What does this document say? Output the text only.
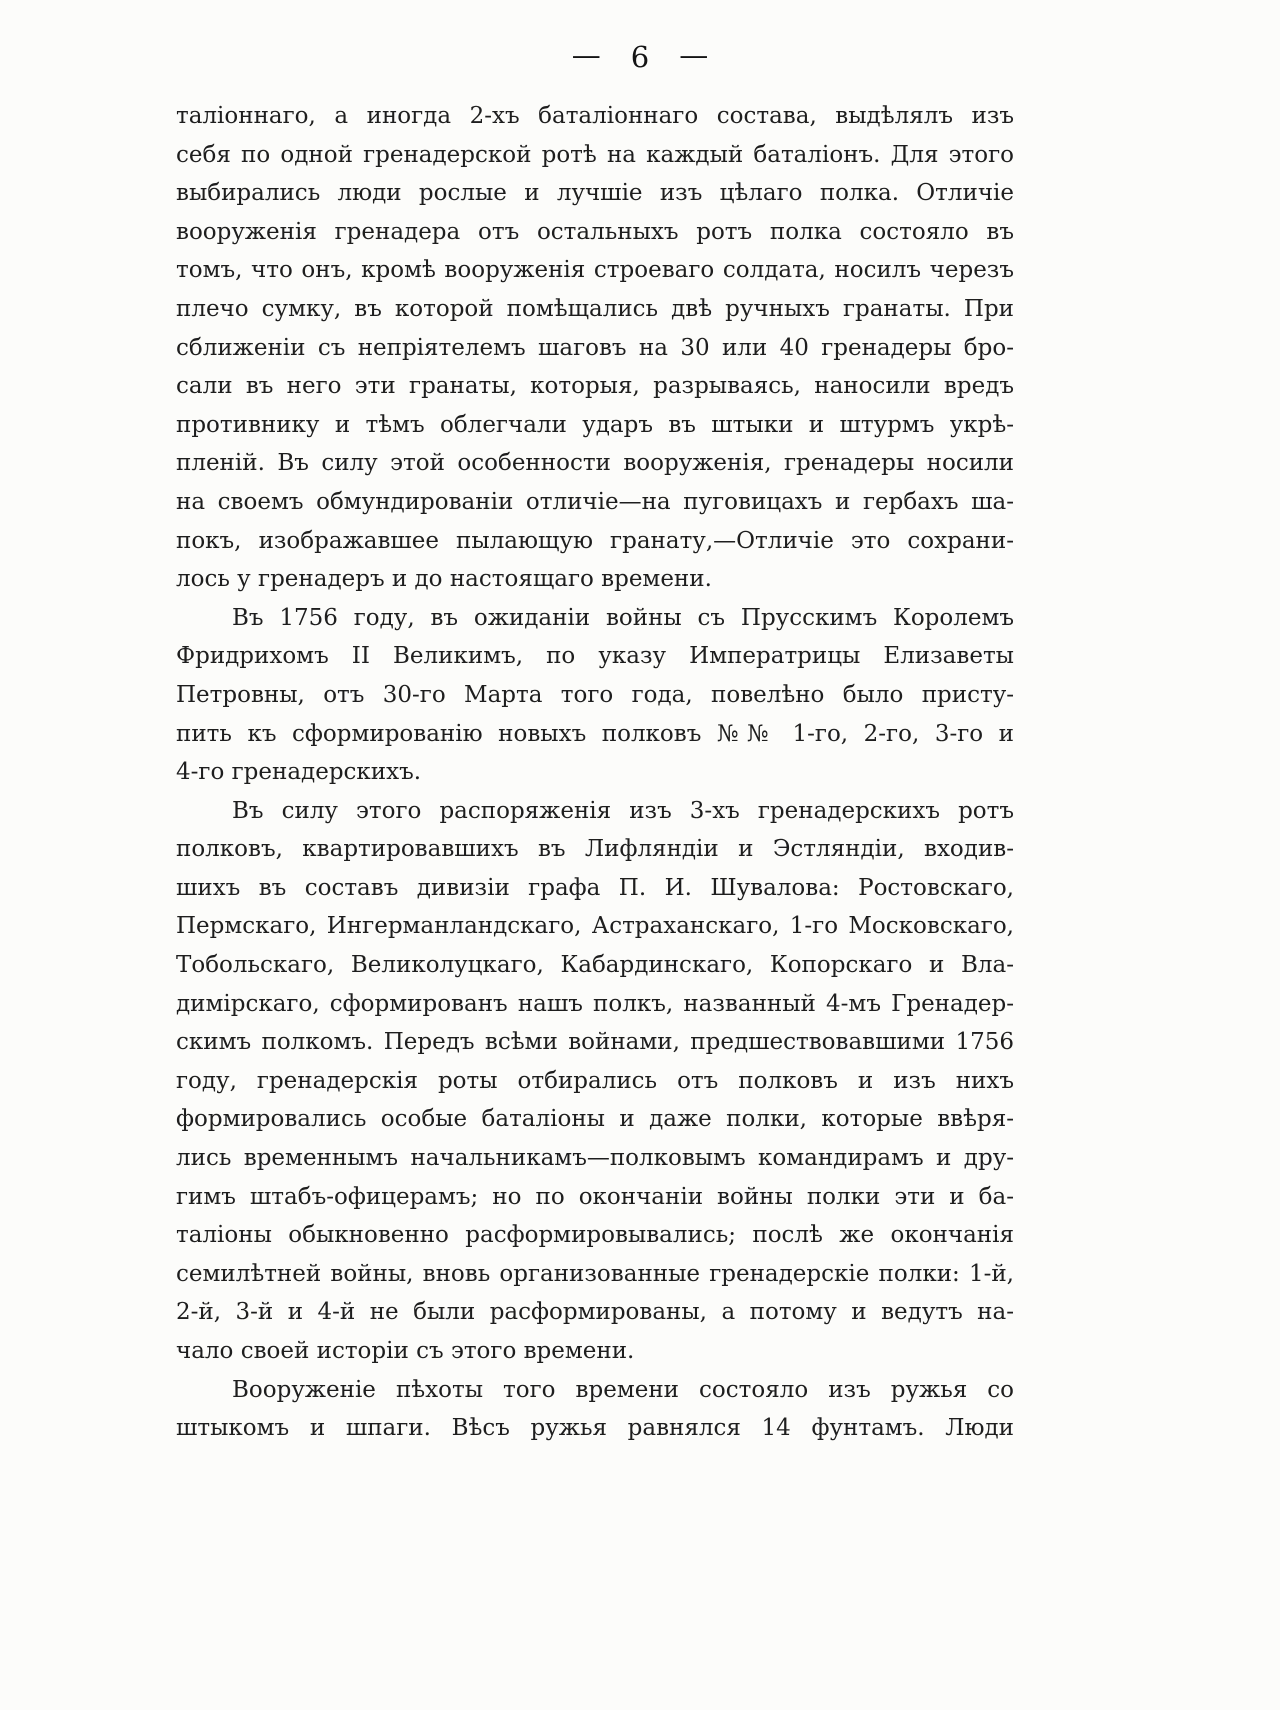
— 6 —
таліоннаго, а иногда 2-хъ баталіоннаго состава, выдѣлялъ изъ
себя по одной гренадерской ротѣ на каждый баталіонъ. Для этого
выбирались люди рослые и лучшіе изъ цѣлаго полка. Отличіе
вооруженія гренадера отъ остальныхъ ротъ полка состояло въ
томъ, что онъ, кромѣ вооруженія строеваго солдата, носилъ черезъ
плечо сумку, въ которой помѣщались двѣ ручныхъ гранаты. При
сближеніи съ непріятелемъ шаговъ на 30 или 40 гренадеры бро-
сали въ него эти гранаты, которыя, разрываясь, наносили вредъ
противнику и тѣмъ облегчали ударъ въ штыки и штурмъ укрѣ-
пленій. Въ силу этой особенности вооруженія, гренадеры носили
на своемъ обмундированіи отличіе—на пуговицахъ и гербахъ ша-
покъ, изображавшее пылающую гранату,—Отличіе это сохрани-
лось у гренадеръ и до настоящаго времени.
Въ 1756 году, въ ожиданіи войны съ Прусскимъ Королемъ
Фридрихомъ II Великимъ, по указу Императрицы Елизаветы
Петровны, отъ 30-го Марта того года, повелѣно было присту-
пить къ сформированію новыхъ полковъ №№ 1-го, 2-го, 3-го и
4-го гренадерскихъ.
Въ силу этого распоряженія изъ 3-хъ гренадерскихъ ротъ
полковъ, квартировавшихъ въ Лифляндіи и Эстляндіи, входив-
шихъ въ составъ дивизіи графа П. И. Шувалова: Ростовскаго,
Пермскаго, Ингерманландскаго, Астраханскаго, 1-го Московскаго,
Тобольскаго, Великолуцкаго, Кабардинскаго, Копорскаго и Вла-
димірскаго, сформированъ нашъ полкъ, названный 4-мъ Гренадер-
скимъ полкомъ. Передъ всѣми войнами, предшествовавшими 1756
году, гренадерскія роты отбирались отъ полковъ и изъ нихъ
формировались особые баталіоны и даже полки, которые ввѣря-
лись временнымъ начальникамъ—полковымъ командирамъ и дру-
гимъ штабъ-офицерамъ; но по окончаніи войны полки эти и ба-
таліоны обыкновенно расформировывались; послѣ же окончанія
семилѣтней войны, вновь организованные гренадерскіе полки: 1-й,
2-й, 3-й и 4-й не были расформированы, а потому и ведутъ на-
чало своей исторіи съ этого времени.
Вооруженіе пѣхоты того времени состояло изъ ружья со
штыкомъ и шпаги. Вѣсъ ружья равнялся 14 фунтамъ. Люди
